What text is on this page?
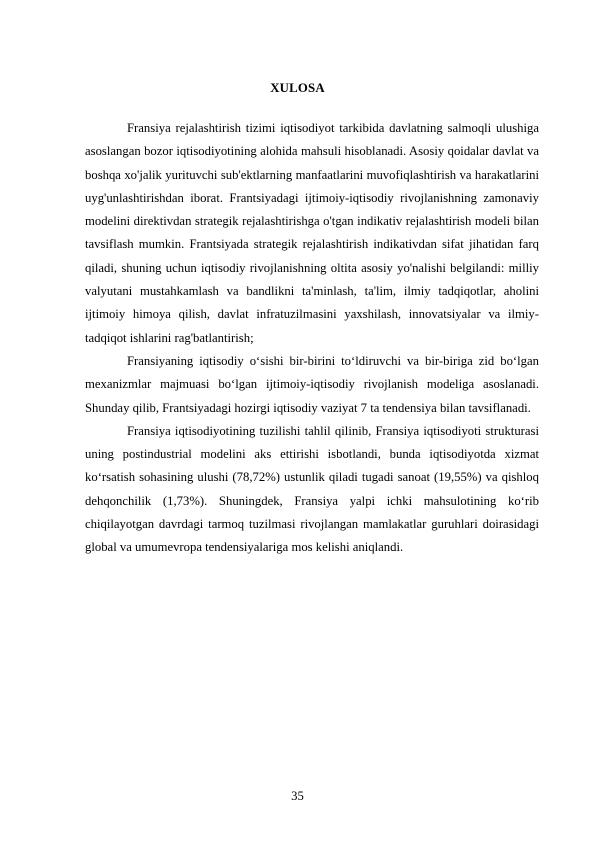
XULOSA

Fransiya rejalashtirish tizimi iqtisodiyot tarkibida davlatning salmoqli ulushiga asoslangan bozor iqtisodiyotining alohida mahsuli hisoblanadi. Asosiy qoidalar davlat va boshqa xo'jalik yurituvchi sub'ektlarning manfaatlarini muvofiqlashtirish va harakatlarini uyg'unlashtirishdan iborat. Frantsiyadagi ijtimoiy-iqtisodiy rivojlanishning zamonaviy modelini direktivdan strategik rejalashtirishga o'tgan indikativ rejalashtirish modeli bilan tavsiflash mumkin. Frantsiyada strategik rejalashtirish indikativdan sifat jihatidan farq qiladi, shuning uchun iqtisodiy rivojlanishning oltita asosiy yo'nalishi belgilandi: milliy valyutani mustahkamlash va bandlikni ta'minlash, ta'lim, ilmiy tadqiqotlar, aholini ijtimoiy himoya qilish, davlat infratuzilmasini yaxshilash, innovatsiyalar va ilmiy-tadqiqot ishlarini rag'batlantirish;

Fransiyaning iqtisodiy o‘sishi bir-birini to‘ldiruvchi va bir-biriga zid bo‘lgan mexanizmlar majmuasi bo‘lgan ijtimoiy-iqtisodiy rivojlanish modeliga asoslanadi. Shunday qilib, Frantsiyadagi hozirgi iqtisodiy vaziyat 7 ta tendensiya bilan tavsiflanadi.

Fransiya iqtisodiyotining tuzilishi tahlil qilinib, Fransiya iqtisodiyoti strukturasi uning postindustrial modelini aks ettirishi isbotlandi, bunda iqtisodiyotda xizmat ko‘rsatish sohasining ulushi (78,72%) ustunlik qiladi tugadi sanoat (19,55%) va qishloq dehqonchilik (1,73%). Shuningdek, Fransiya yalpi ichki mahsulotining ko‘rib chiqilayotgan davrdagi tarmoq tuzilmasi rivojlangan mamlakatlar guruhlari doirasidagi global va umumevropa tendensiyalariga mos kelishi aniqlandi.

35
